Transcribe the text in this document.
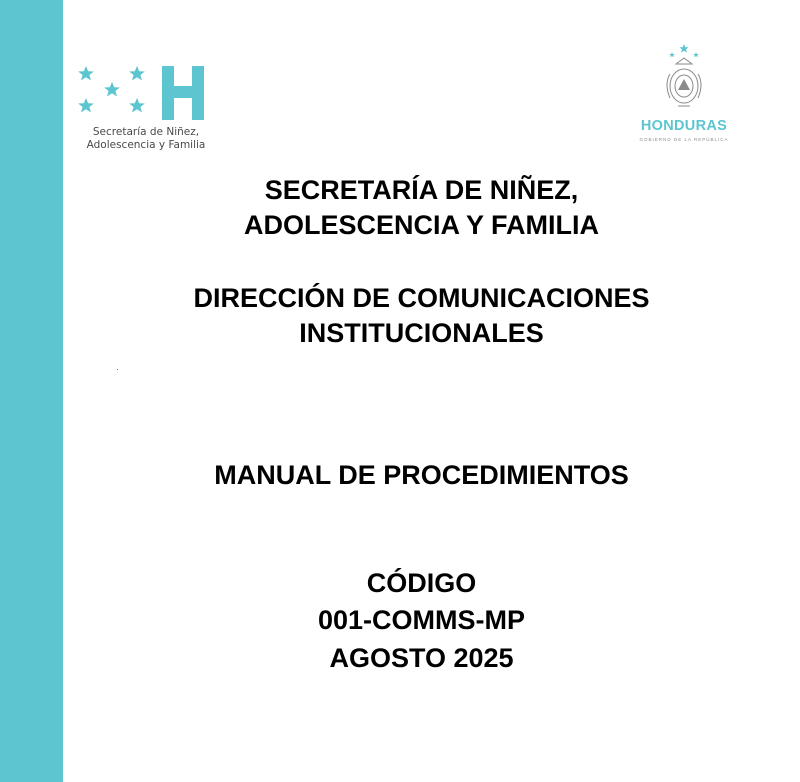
Secretaría de Niñez,
Adolescencia y Familia
HONDURAS
GOBIERNO DE LA REPÚBLICA
SECRETARÍA DE NIÑEZ,
ADOLESCENCIA Y FAMILIA
DIRECCIÓN DE COMUNICACIONES
INSTITUCIONALES
MANUAL DE PROCEDIMIENTOS
CÓDIGO
001-COMMS-MP
AGOSTO 2025
